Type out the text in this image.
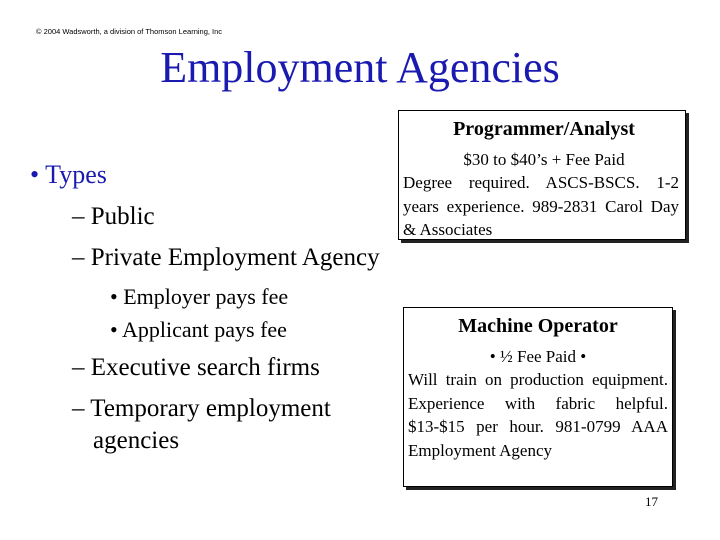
© 2004 Wadsworth, a division of Thomson Learning, Inc
Employment Agencies
• Types
– Public
– Private Employment Agency
• Employer pays fee
• Applicant pays fee
– Executive search firms
– Temporary employment
agencies
Programmer/Analyst
$30 to $40’s + Fee Paid
Degree required. ASCS-BSCS. 1-2 years experience. 989-2831 Carol Day & Associates
Machine Operator
• ½ Fee Paid •
Will train on production equipment. Experience with fabric helpful. $13-$15 per hour. 981-0799 AAA Employment Agency
17
